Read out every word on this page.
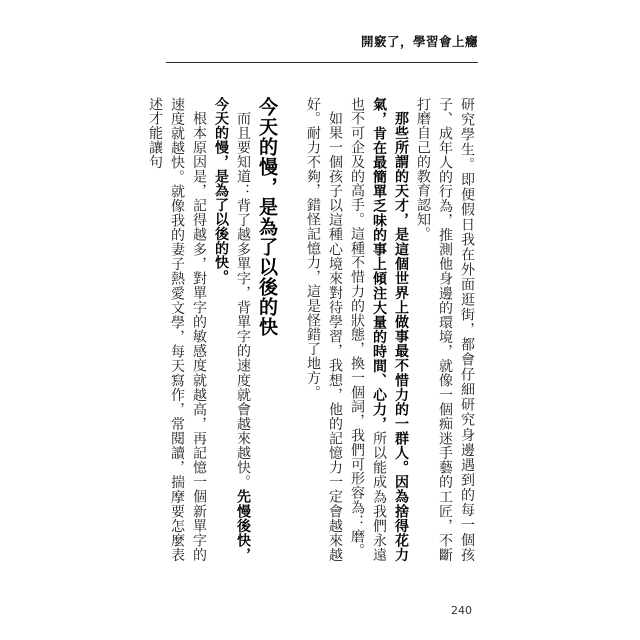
開竅了，學習會上癮

研究學生。即便假日我在外面逛街，都會仔細研究身邊遇到的每一個孩子、成年人的行為，推測他身邊的環境，就像一個痴迷手藝的工匠，不斷打磨自己的教育認知。

那些所謂的天才，是這個世界上做事最不惜力的一群人。因為捨得花力氣，肯在最簡單乏味的事上傾注大量的時間、心力，所以能成為我們永遠也不可企及的高手。這種不惜力的狀態，換一個詞，我們可形容為：磨。

如果一個孩子以這種心境來對待學習，我想，他的記憶力一定會越來越好。耐力不夠，錯怪記憶力，這是怪錯了地方。

今天的慢，是為了以後的快

而且要知道：背了越多單字，背單字的速度就會越來越快。先慢後快，今天的慢，是為了以後的快。

根本原因是，記得越多，對單字的敏感度就越高，再記憶一個新單字的速度就越快。就像我的妻子熱愛文學，每天寫作，常閱讀，揣摩要怎麼表述才能讓句

240
